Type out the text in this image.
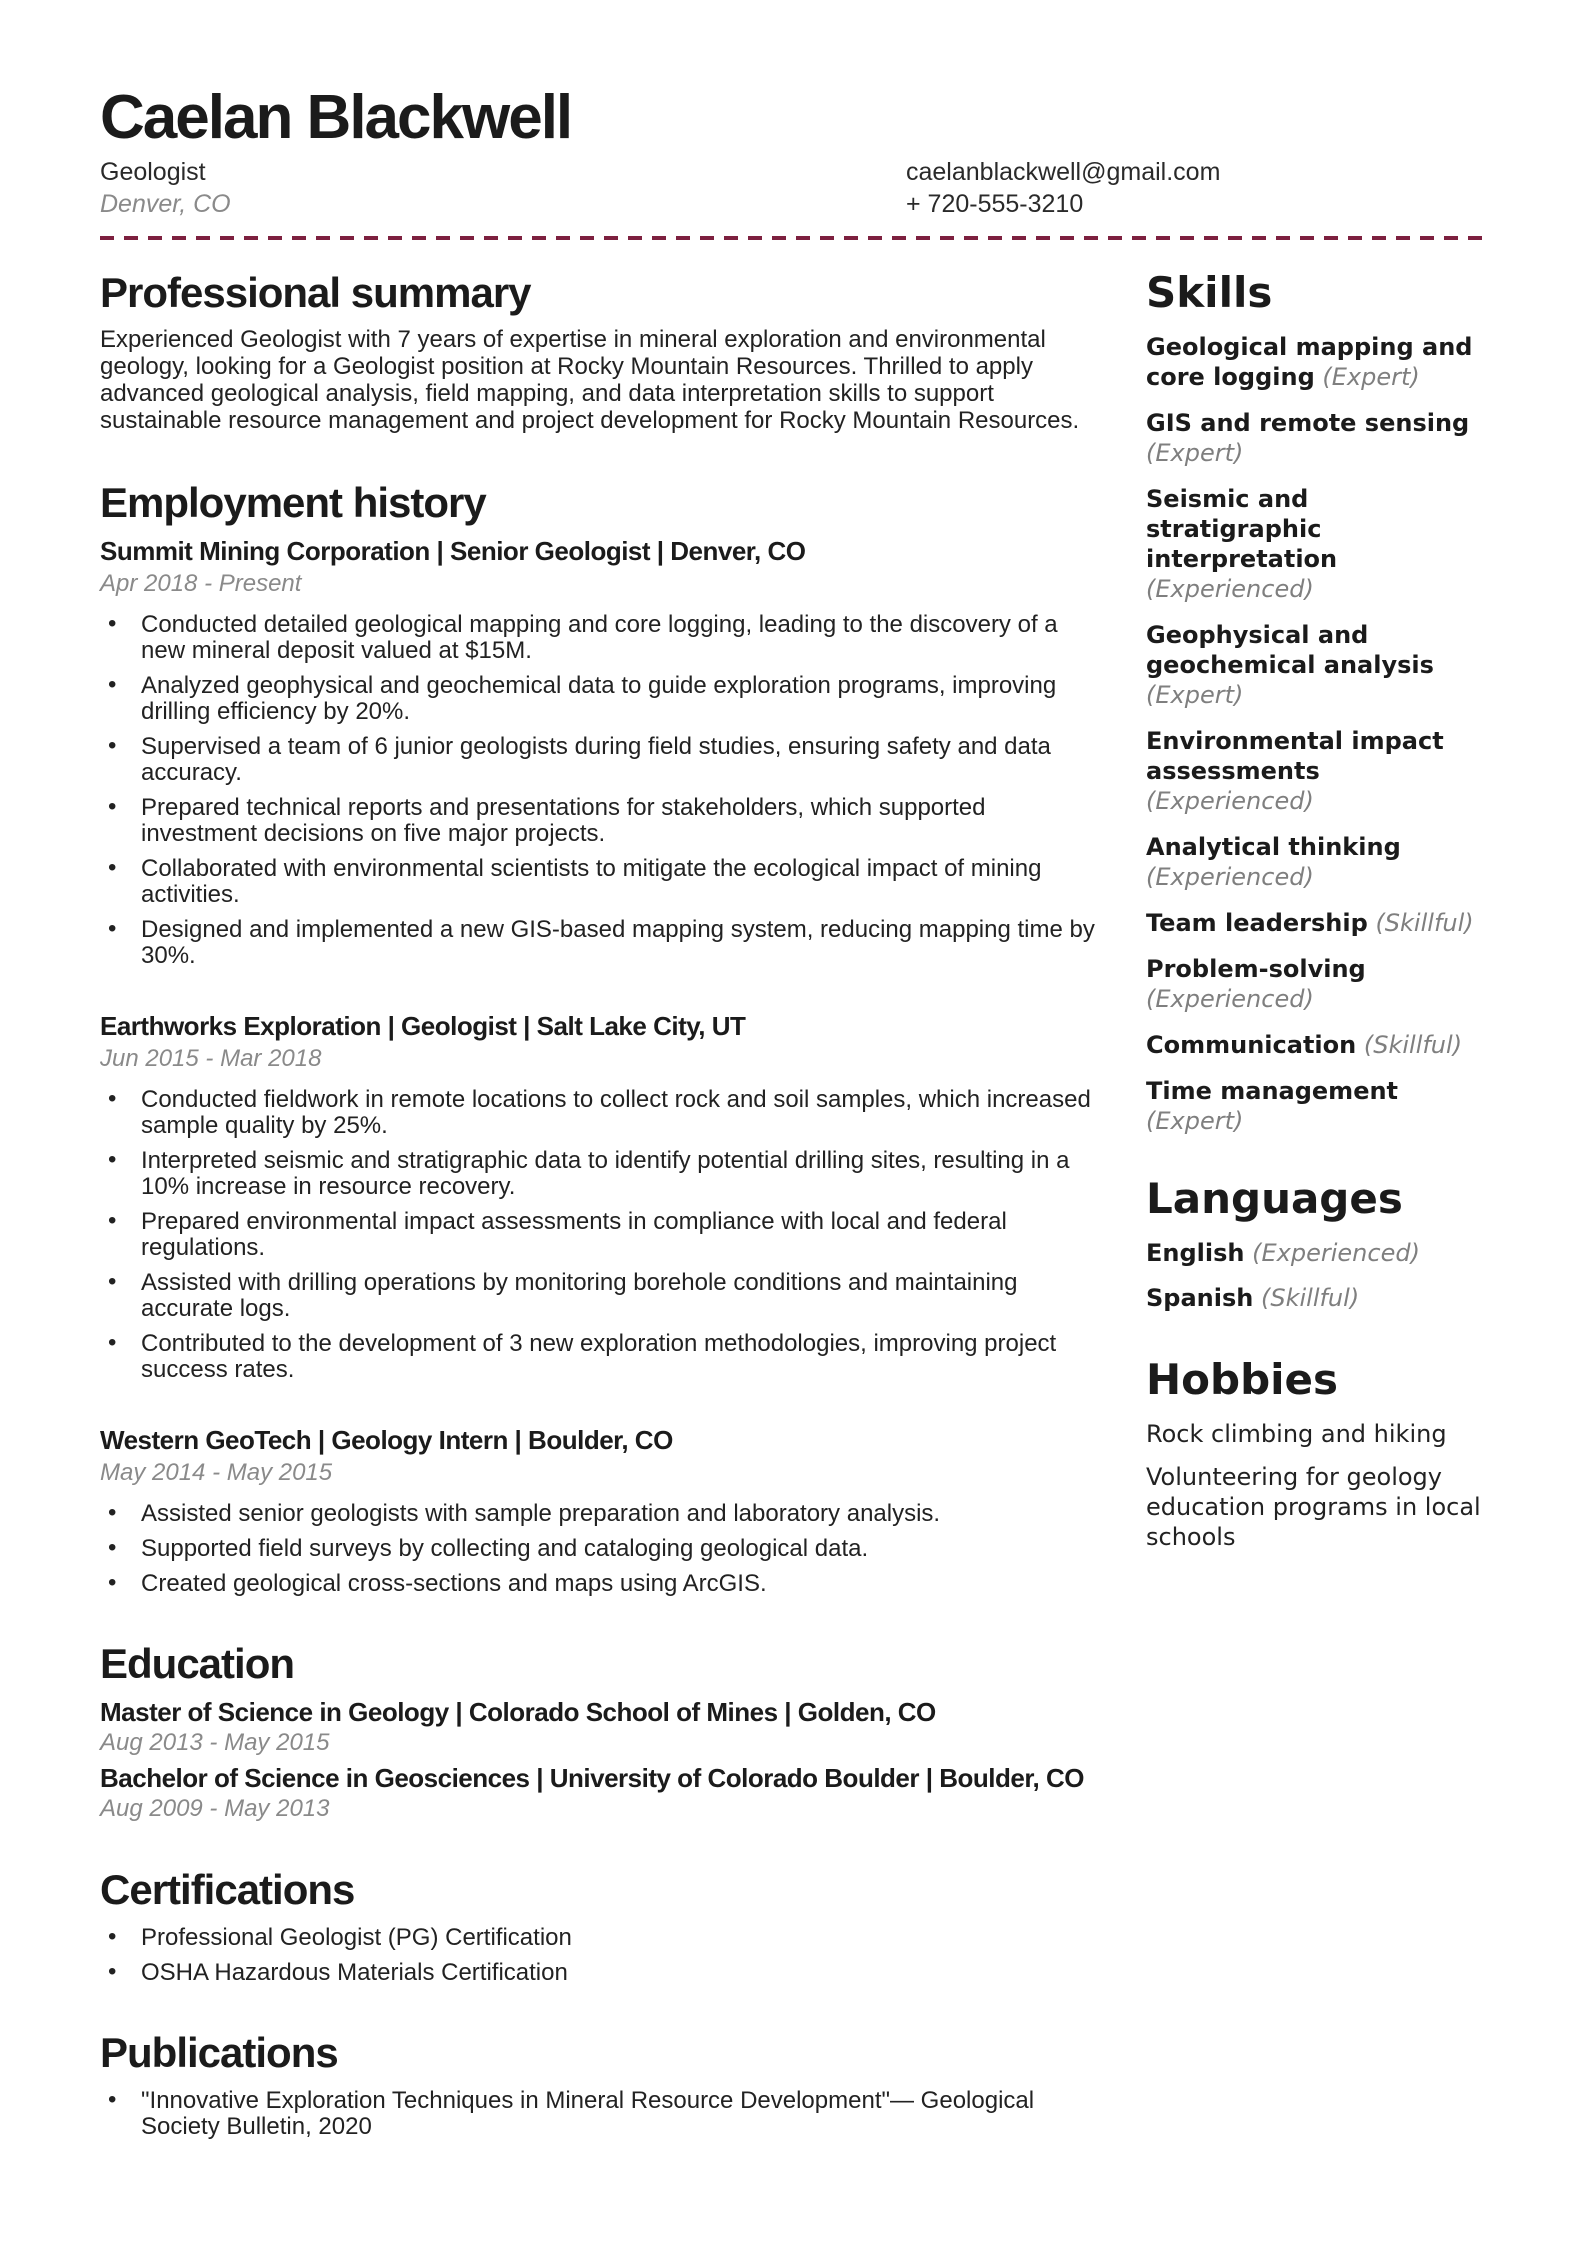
Caelan Blackwell
Geologist
Denver, CO
caelanblackwell@gmail.com
+ 720-555-3210
Professional summary

Experienced Geologist with 7 years of expertise in mineral exploration and environmental geology, looking for a Geologist position at Rocky Mountain Resources. Thrilled to apply advanced geological analysis, field mapping, and data interpretation skills to support sustainable resource management and project development for Rocky Mountain Resources.

Employment history
Summit Mining Corporation | Senior Geologist | Denver, CO
Apr 2018 - Present
• Conducted detailed geological mapping and core logging, leading to the discovery of a new mineral deposit valued at $15M.
• Analyzed geophysical and geochemical data to guide exploration programs, improving drilling efficiency by 20%.
• Supervised a team of 6 junior geologists during field studies, ensuring safety and data accuracy.
• Prepared technical reports and presentations for stakeholders, which supported investment decisions on five major projects.
• Collaborated with environmental scientists to mitigate the ecological impact of mining activities.
• Designed and implemented a new GIS-based mapping system, reducing mapping time by 30%.
Earthworks Exploration | Geologist | Salt Lake City, UT
Jun 2015 - Mar 2018
• Conducted fieldwork in remote locations to collect rock and soil samples, which increased sample quality by 25%.
• Interpreted seismic and stratigraphic data to identify potential drilling sites, resulting in a 10% increase in resource recovery.
• Prepared environmental impact assessments in compliance with local and federal regulations.
• Assisted with drilling operations by monitoring borehole conditions and maintaining accurate logs.
• Contributed to the development of 3 new exploration methodologies, improving project success rates.
Western GeoTech | Geology Intern | Boulder, CO
May 2014 - May 2015
• Assisted senior geologists with sample preparation and laboratory analysis.
• Supported field surveys by collecting and cataloging geological data.
• Created geological cross-sections and maps using ArcGIS.
Education
Master of Science in Geology | Colorado School of Mines | Golden, CO
Aug 2013 - May 2015
Bachelor of Science in Geosciences | University of Colorado Boulder | Boulder, CO
Aug 2009 - May 2013
Certifications
• Professional Geologist (PG) Certification
• OSHA Hazardous Materials Certification
Publications
• "Innovative Exploration Techniques in Mineral Resource Development"— Geological Society Bulletin, 2020
Skills

Geological mapping and core logging (Expert)

GIS and remote sensing (Expert)

Seismic and stratigraphic interpretation (Experienced)

Geophysical and geochemical analysis (Expert)

Environmental impact assessments (Experienced)

Analytical thinking (Experienced)

Team leadership (Skillful)

Problem-solving (Experienced)

Communication (Skillful)

Time management (Expert)

Languages

English (Experienced)

Spanish (Skillful)

Hobbies

Rock climbing and hiking

Volunteering for geology education programs in local schools
